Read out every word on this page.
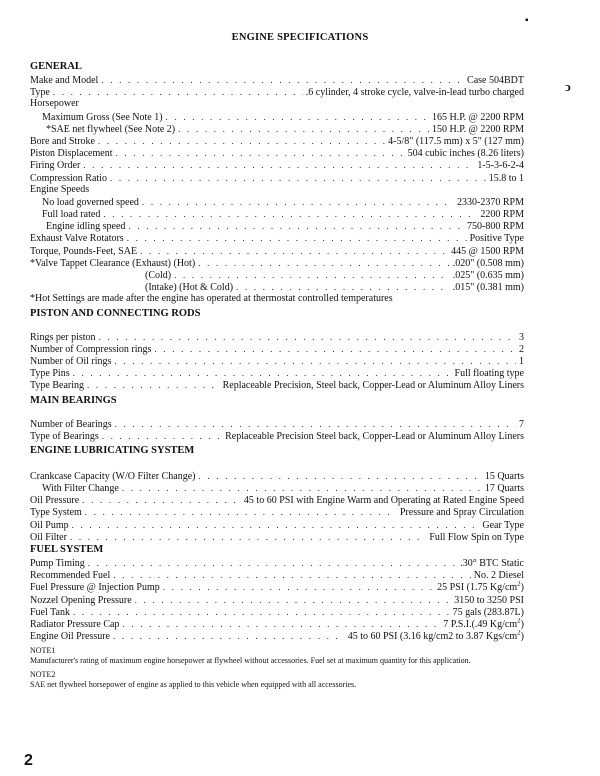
▪
ↄ
ENGINE SPECIFICATIONS
GENERAL
Make and Model . . .	Case 504BDT
Type . . .	.6 cylinder, 4 stroke cycle, valve-in-lead turbo charged
Horsepower
Maximum Gross (See Note 1) . . .	165 H.P. @ 2200 RPM
*SAE net flywheel (See Note 2) . . .	150 H.P. @ 2200 RPM
Bore and Stroke . . .	4-5/8" (117.5 mm) x 5" (127 mm)
Piston Displacement . . .	504 cubic inches (8.26 liters)
Firing Order . . .	1-5-3-6-2-4
Compression Ratio . . .	15.8 to 1
Engine Speeds
No load governed speed . . .	2330-2370 RPM
Full load rated . . .	2200 RPM
Engine idling speed . . .	750-800 RPM
Exhaust Valve Rotators . . .	Positive Type
Torque, Pounds-Feet, SAE . . .	445 @ 1500 RPM
*Valve Tappet Clearance (Exhaust) (Hot) . . .	.020" (0.508 mm)
(Cold) . . .	.025" (0.635 mm)
(Intake) (Hot & Cold) . . .	.015" (0.381 mm)
*Hot Settings are made after the engine has operated at thermostat controlled temperatures
PISTON AND CONNECTING RODS
Rings per piston . . .	3
Number of Compression rings . . .	2
Number of Oil rings . . .	1
Type Pins . . .	Full floating type
Type Bearing . . .	Replaceable Precision, Steel back, Copper-Lead or Aluminum Alloy Liners
MAIN BEARINGS
Number of Bearings . . .	7
Type of Bearings . . .	Replaceable Precision Steel back, Copper-Lead or Aluminum Alloy Liners
ENGINE LUBRICATING SYSTEM
Crankcase Capacity (W/O Filter Change) . . .	15 Quarts
With Filter Change . . .	17 Quarts
Oil Pressure . . .	45 to 60 PSI with Engine Warm and Operating at Rated Engine Speed
Type System . . .	Pressure and Spray Circulation
Oil Pump . . .	Gear Type
Oil Filter . . .	Full Flow Spin on Type
FUEL SYSTEM
Pump Timing . . .	.30° BTC Static
Recommended Fuel . . .	No. 2 Diesel
Fuel Pressure @ Injection Pump . . .	25 PSI (1.75 $Kg/cm^2$)
Nozzel Opening Pressure . . .	3150 to 3250 PSI
Fuel Tank . . .	75 gals (283.87L)
Radiator Pressure Cap . . .	7 P.S.I.(.49 $Kg/cm^2$)
Engine Oil Pressure . . .	45 to 60 PSI (3.16 kg/cm2 to 3.87 Kgs/$cm^2$)
NOTE1
Manufacturer's rating of maximum engine horsepower at flywheel without accessories. Fuel set at maximum quantity for this application.
NOTE2
SAE net flywheel horsepower of engine as applied to this vehicle when equipped with all accessories.
2
